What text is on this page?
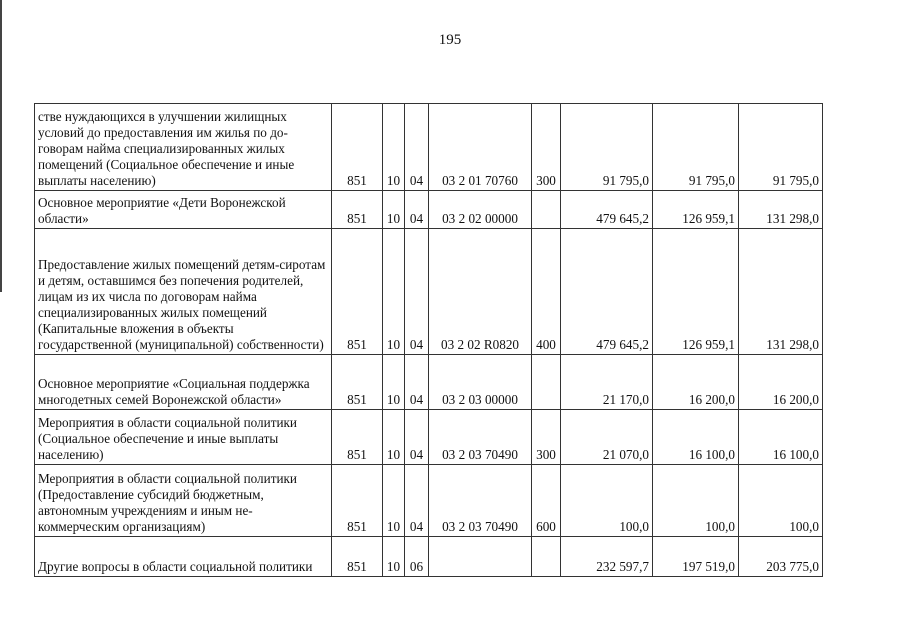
195
стве нуждающихся в улучшении жилищных условий до предоставления им жилья по договорам найма специализированных жилых помещений (Социальное обеспечение и иные выплаты населению)	851	10	04	03 2 01 70760	300	91 795,0	91 795,0	91 795,0
Основное мероприятие «Дети Воронежской области»	851	10	04	03 2 02 00000		479 645,2	126 959,1	131 298,0
Предоставление жилых помещений детям-сиротам и детям, оставшимся без попечения родителей, лицам из их числа по договорам найма специализированных жилых помещений (Капитальные вложения в объекты государственной (муниципальной) собственности)	851	10	04	03 2 02 R0820	400	479 645,2	126 959,1	131 298,0
Основное мероприятие «Социальная поддержка многодетных семей Воронежской области»	851	10	04	03 2 03 00000		21 170,0	16 200,0	16 200,0
Мероприятия в области социальной политики (Социальное обеспечение и иные выплаты населению)	851	10	04	03 2 03 70490	300	21 070,0	16 100,0	16 100,0
Мероприятия в области социальной политики (Предоставление субсидий бюджетным, автономным учреждениям и иным некоммерческим организациям)	851	10	04	03 2 03 70490	600	100,0	100,0	100,0
Другие вопросы в области социальной политики	851	10	06			232 597,7	197 519,0	203 775,0
